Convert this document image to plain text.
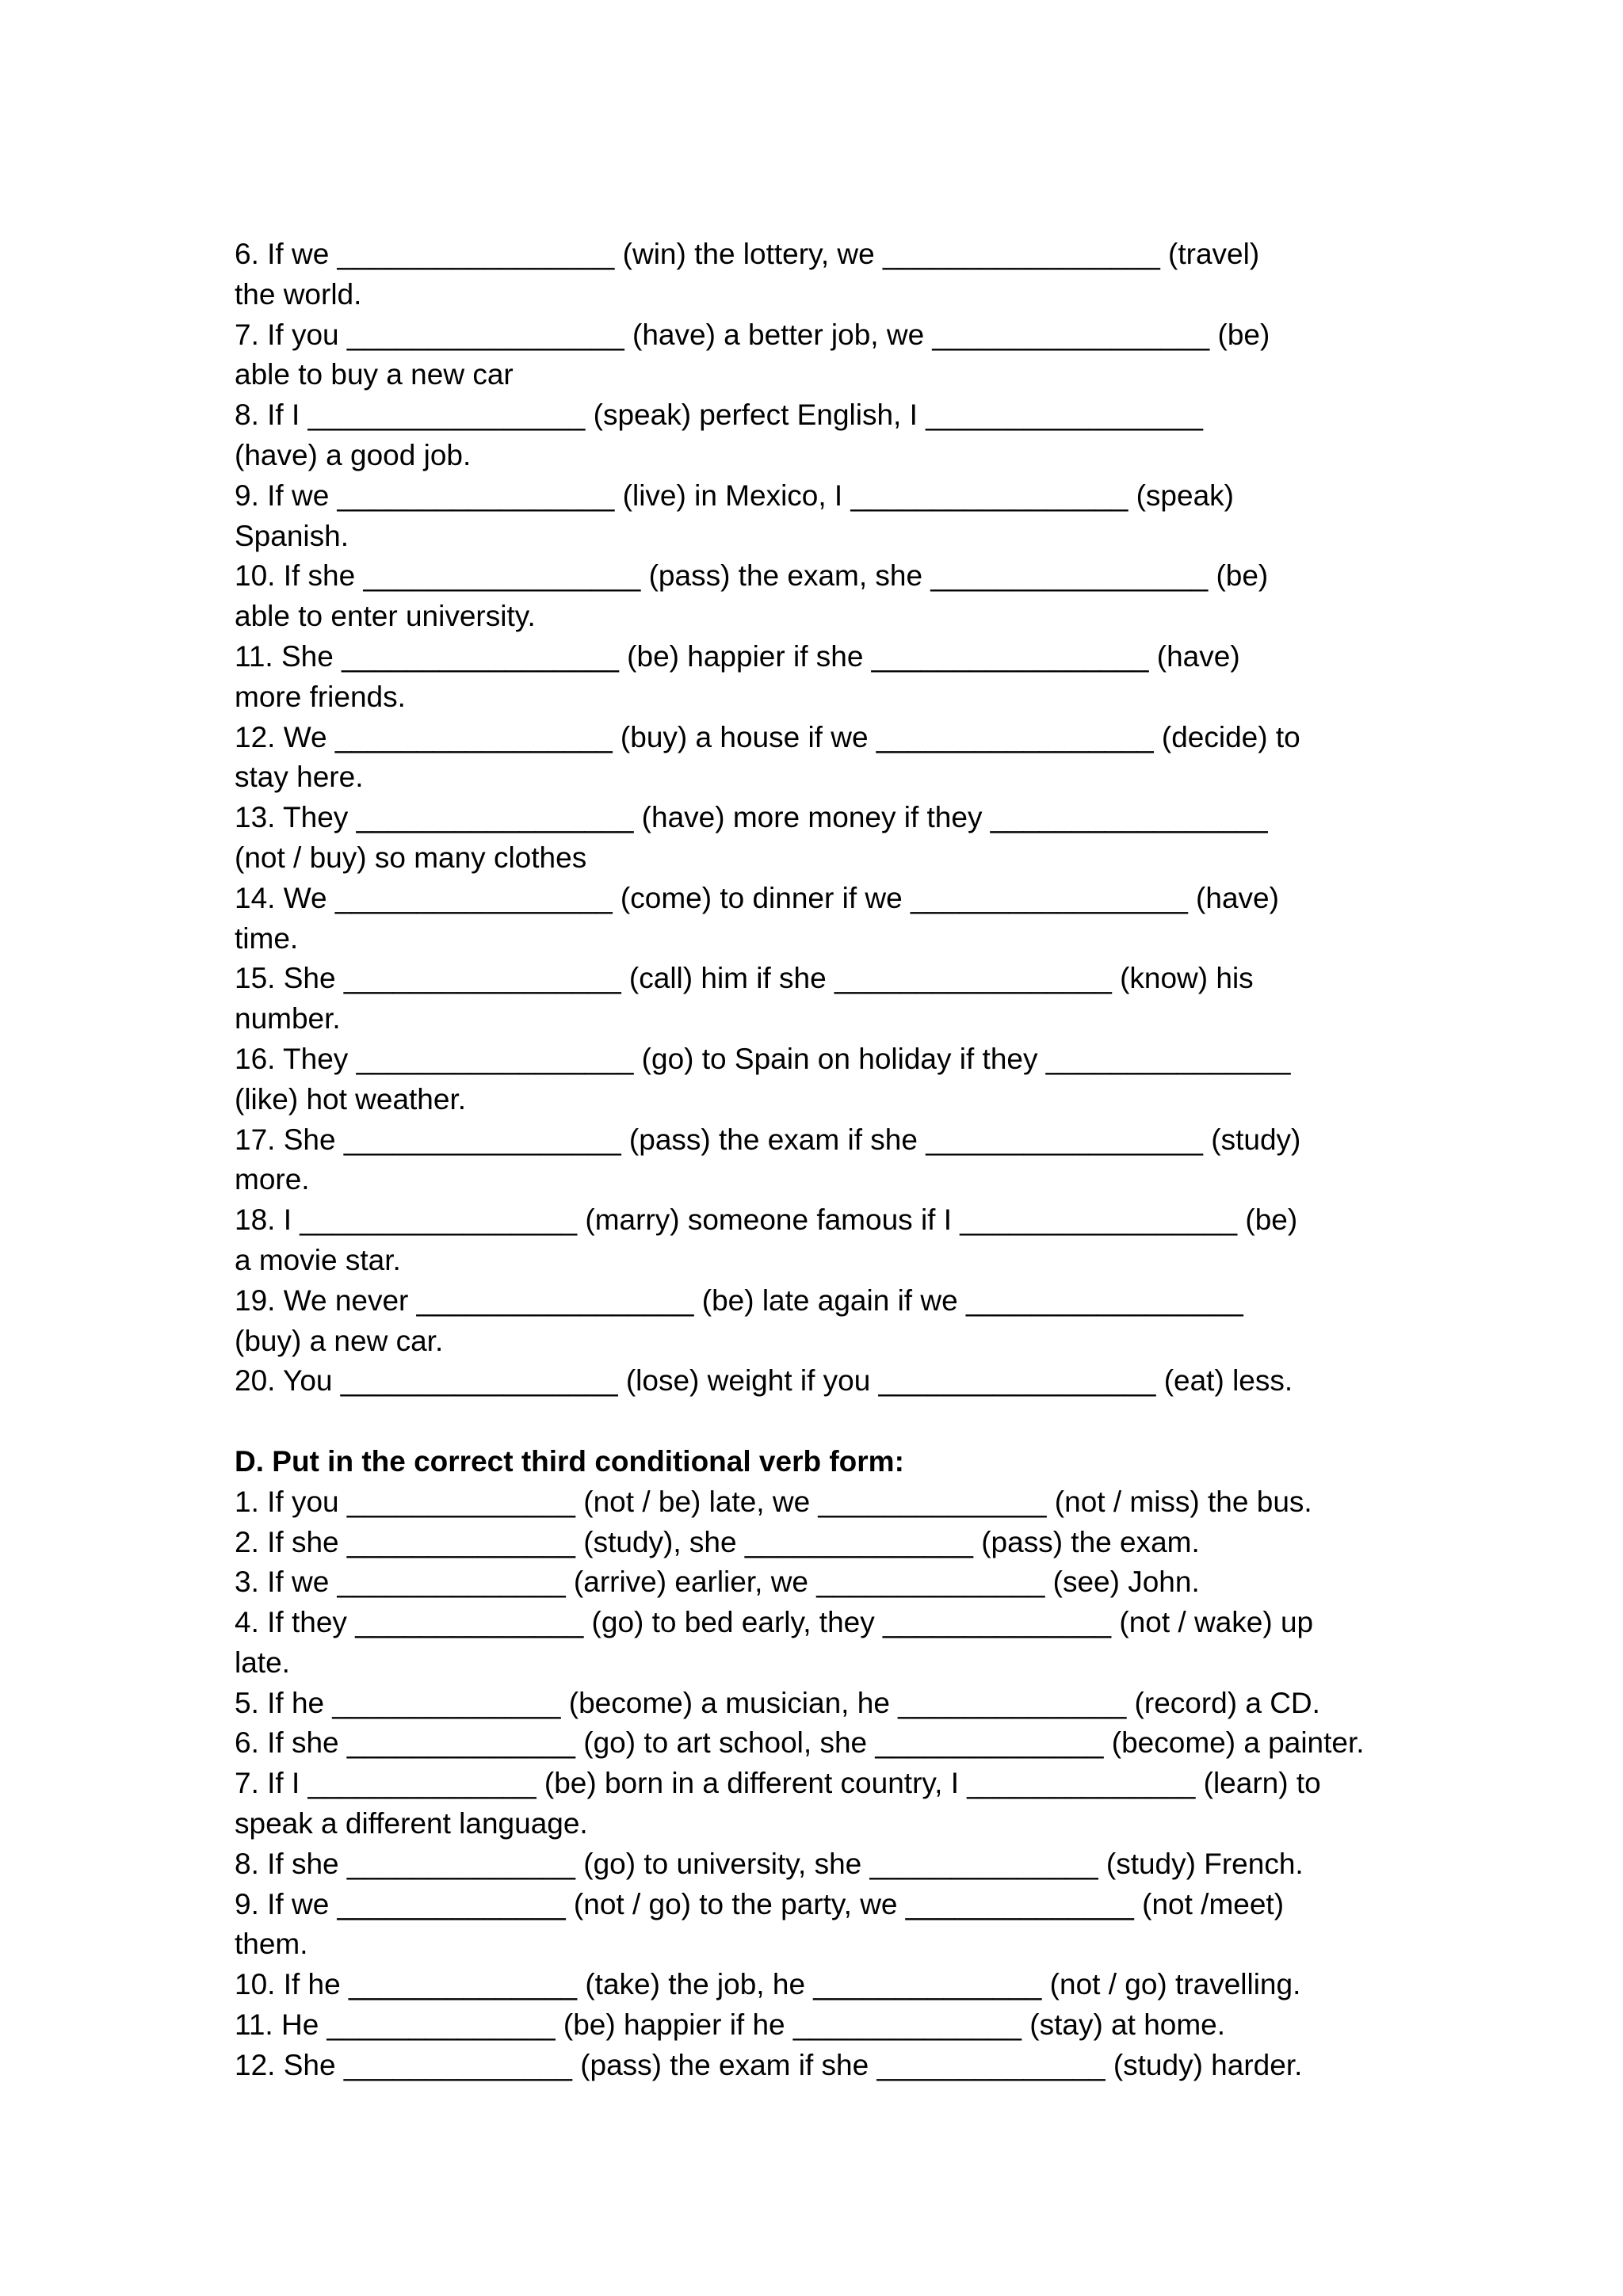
6. If we _________________ (win) the lottery, we _________________ (travel)
the world.
7. If you _________________ (have) a better job, we _________________ (be)
able to buy a new car
8. If I _________________ (speak) perfect English, I _________________
(have) a good job.
9. If we _________________ (live) in Mexico, I _________________ (speak)
Spanish.
10. If she _________________ (pass) the exam, she _________________ (be)
able to enter university.
11. She _________________ (be) happier if she _________________ (have)
more friends.
12. We _________________ (buy) a house if we _________________ (decide) to
stay here.
13. They _________________ (have) more money if they _________________
(not / buy) so many clothes
14. We _________________ (come) to dinner if we _________________ (have)
time.
15. She _________________ (call) him if she _________________ (know) his
number.
16. They _________________ (go) to Spain on holiday if they _______________
(like) hot weather.
17. She _________________ (pass) the exam if she _________________ (study)
more.
18. I _________________ (marry) someone famous if I _________________ (be)
a movie star.
19. We never _________________ (be) late again if we _________________
(buy) a new car.
20. You _________________ (lose) weight if you _________________ (eat) less.
D. Put in the correct third conditional verb form:
1. If you ______________ (not / be) late, we ______________ (not / miss) the bus.
2. If she ______________ (study), she ______________ (pass) the exam.
3. If we ______________ (arrive) earlier, we ______________ (see) John.
4. If they ______________ (go) to bed early, they ______________ (not / wake) up
late.
5. If he ______________ (become) a musician, he ______________ (record) a CD.
6. If she ______________ (go) to art school, she ______________ (become) a painter.
7. If I ______________ (be) born in a different country, I ______________ (learn) to
speak a different language.
8. If she ______________ (go) to university, she ______________ (study) French.
9. If we ______________ (not / go) to the party, we ______________ (not /meet)
them.
10. If he ______________ (take) the job, he ______________ (not / go) travelling.
11. He ______________ (be) happier if he ______________ (stay) at home.
12. She ______________ (pass) the exam if she ______________ (study) harder.
